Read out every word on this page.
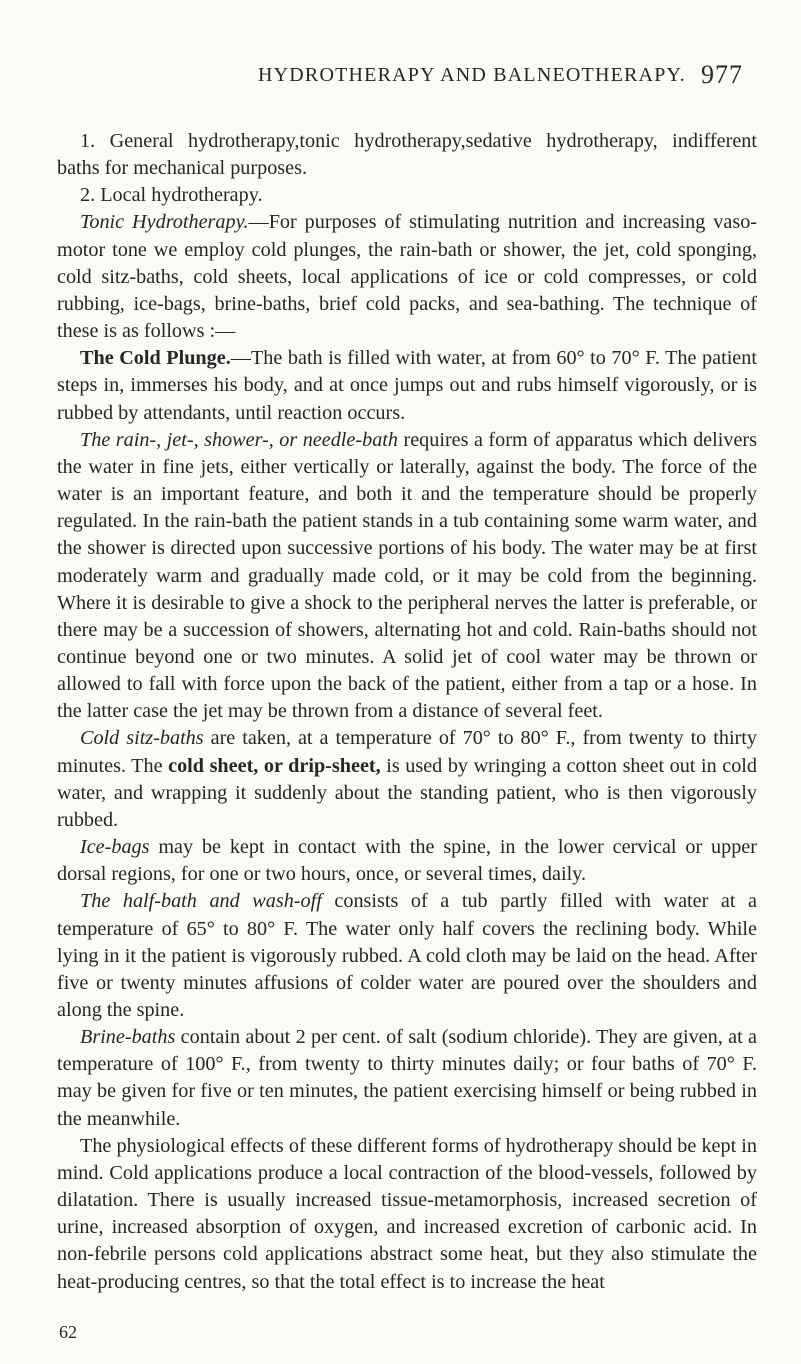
HYDROTHERAPY AND BALNEOTHERAPY. 977

1. General hydrotherapy,tonic hydrotherapy,sedative hydrotherapy, indifferent baths for mechanical purposes.

2. Local hydrotherapy.

Tonic Hydrotherapy.—For purposes of stimulating nutrition and increasing vaso-motor tone we employ cold plunges, the rain-bath or shower, the jet, cold sponging, cold sitz-baths, cold sheets, local applications of ice or cold compresses, or cold rubbing, ice-bags, brine-baths, brief cold packs, and sea-bathing. The technique of these is as follows :—

The Cold Plunge.—The bath is filled with water, at from 60° to 70° F. The patient steps in, immerses his body, and at once jumps out and rubs himself vigorously, or is rubbed by attendants, until reaction occurs.

The rain-, jet-, shower-, or needle-bath requires a form of apparatus which delivers the water in fine jets, either vertically or laterally, against the body. The force of the water is an important feature, and both it and the temperature should be properly regulated. In the rain-bath the patient stands in a tub containing some warm water, and the shower is directed upon successive portions of his body. The water may be at first moderately warm and gradually made cold, or it may be cold from the beginning. Where it is desirable to give a shock to the peripheral nerves the latter is preferable, or there may be a succession of showers, alternating hot and cold. Rain-baths should not continue beyond one or two minutes. A solid jet of cool water may be thrown or allowed to fall with force upon the back of the patient, either from a tap or a hose. In the latter case the jet may be thrown from a distance of several feet.

Cold sitz-baths are taken, at a temperature of 70° to 80° F., from twenty to thirty minutes. The cold sheet, or drip-sheet, is used by wringing a cotton sheet out in cold water, and wrapping it suddenly about the standing patient, who is then vigorously rubbed.

Ice-bags may be kept in contact with the spine, in the lower cervical or upper dorsal regions, for one or two hours, once, or several times, daily.

The half-bath and wash-off consists of a tub partly filled with water at a temperature of 65° to 80° F. The water only half covers the reclining body. While lying in it the patient is vigorously rubbed. A cold cloth may be laid on the head. After five or twenty minutes affusions of colder water are poured over the shoulders and along the spine.

Brine-baths contain about 2 per cent. of salt (sodium chloride). They are given, at a temperature of 100° F., from twenty to thirty minutes daily; or four baths of 70° F. may be given for five or ten minutes, the patient exercising himself or being rubbed in the meanwhile.

The physiological effects of these different forms of hydrotherapy should be kept in mind. Cold applications produce a local contraction of the blood-vessels, followed by dilatation. There is usually increased tissue-metamorphosis, increased secretion of urine, increased absorption of oxygen, and increased excretion of carbonic acid. In non-febrile persons cold applications abstract some heat, but they also stimulate the heat-producing centres, so that the total effect is to increase the heat

62
